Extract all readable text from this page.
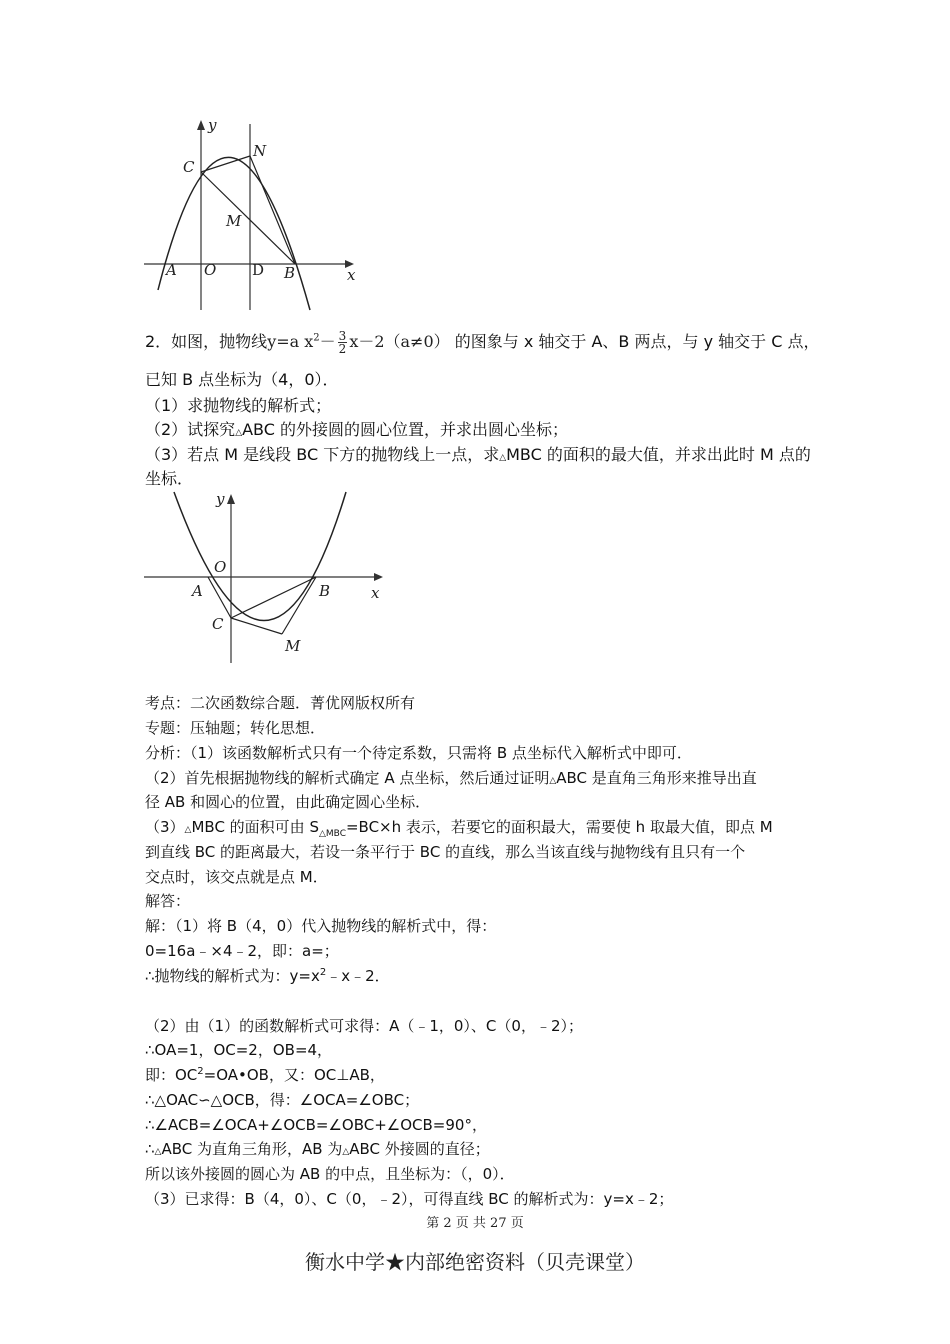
y
x
C
N
M
A O D B
2．如图，抛物线y=a $x^2- \frac{3}{2} x-2(a\ne 0)$ 的图象与 x 轴交于 A、B 两点，与 y 轴交于 C 点，
已知 B 点坐标为（4，0）．
（1）求抛物线的解析式；
（2）试探究△ABC 的外接圆的圆心位置，并求出圆心坐标；
（3）若点 M 是线段 BC 下方的抛物线上一点，求△MBC 的面积的最大值，并求出此时 M 点的
坐标．
y
x
O
A	B
C
M
考点：二次函数综合题．菁优网版权所有
专题：压轴题；转化思想．
分析：（1）该函数解析式只有一个待定系数，只需将 B 点坐标代入解析式中即可．
（2）首先根据抛物线的解析式确定 A 点坐标，然后通过证明△ABC 是直角三角形来推导出直
径 AB 和圆心的位置，由此确定圆心坐标．
（3）△MBC 的面积可由 $S_{\triangle MBC}=BC\times h$ 表示，若要它的面积最大，需要使 h 取最大值，即点 M
到直线 BC 的距离最大，若设一条平行于 BC 的直线，那么当该直线与抛物线有且只有一个
交点时，该交点就是点 M．
解答：
解：（1）将 B（4，0）代入抛物线的解析式中，得：
0=16a﹣×4﹣2，即：a=；
∴抛物线的解析式为：$y=x^2﹣x﹣2$．
（2）由（1）的函数解析式可求得：A（﹣1，0）、C（0，﹣2）；
∴OA=1，OC=2，OB=4，
即：$OC^2=OA•OB$，又：OC⊥AB，
∴△OAC∽△OCB，得：∠OCA=∠OBC；
∴∠ACB=∠OCA+∠OCB=∠OBC+∠OCB=90°，
∴△ABC 为直角三角形，AB 为△ABC 外接圆的直径；
所以该外接圆的圆心为 AB 的中点，且坐标为：（，0）．
（3）已求得：B（4，0）、C（0，﹣2），可得直线 BC 的解析式为：y=x﹣2；
第 2 页 共 27 页
衡水中学★内部绝密资料（贝壳课堂）
